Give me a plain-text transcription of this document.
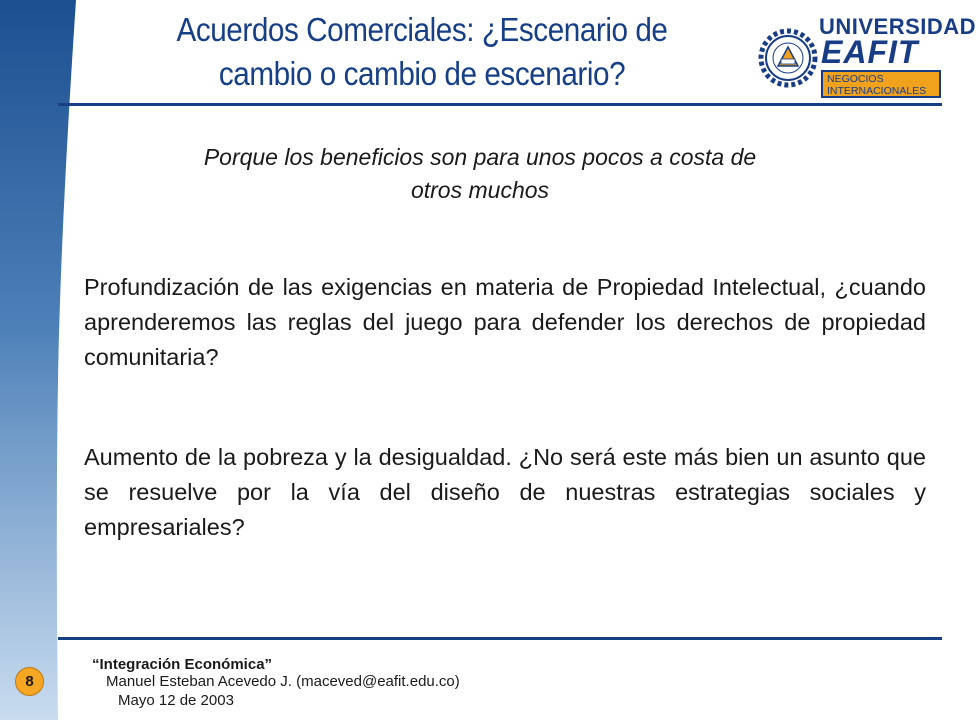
Acuerdos Comerciales: ¿Escenario de
cambio o cambio de escenario?
UNIVERSIDAD
EAFIT
NEGOCIOS
INTERNACIONALES
Porque los beneficios son para unos pocos a costa de
otros muchos
Profundización de las exigencias en materia de Propiedad Intelectual, ¿cuando aprenderemos las reglas del juego para defender los derechos de propiedad comunitaria?
Aumento de la pobreza y la desigualdad. ¿No será este más bien un asunto que se resuelve por la vía del diseño de nuestras estrategias sociales y empresariales?
8
“Integración Económica”
Manuel Esteban Acevedo J. (maceved@eafit.edu.co)
Mayo 12 de 2003
